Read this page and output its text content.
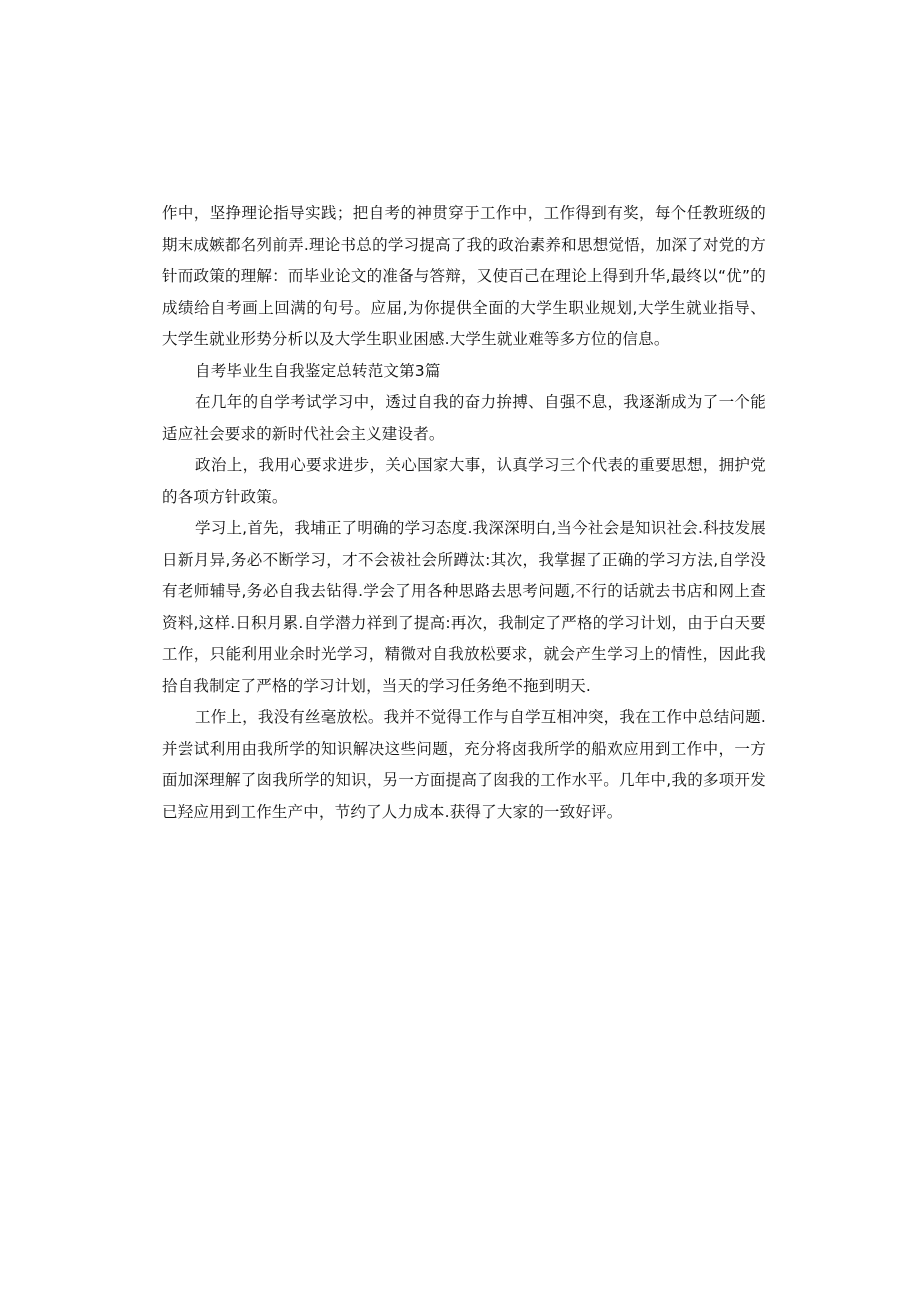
作中，坚挣理论指导实践；把自考的神贯穿于工作中，工作得到有奖，每个任教班级的期末成嫉都名列前弄.理论书总的学习提高了我的政治素养和思想觉悟，加深了对党的方针而政策的理解：而毕业论文的准备与答辩，又使百己在理论上得到升华,最终以“优”的成绩给自考画上回满的句号。应届,为你提供全面的大学生职业规划,大学生就业指导、大学生就业形势分析以及大学生职业困感.大学生就业难等多方位的信息。

自考毕业生自我鉴定总转范文第3篇

在几年的自学考试学习中，透过自我的奋力拚搏、自强不息，我逐渐成为了一个能适应社会要求的新时代社会主义建设者。

政治上，我用心要求进步，关心国家大事，认真学习三个代表的重要思想，拥护党的各项方针政策。

学习上,首先，我埔正了明确的学习态度.我深深明白,当今社会是知识社会.科技发展日新月异,务必不断学习，才不会祓社会所蹲汰:其次，我掌握了正确的学习方法,自学没有老师辅导,务必自我去钻得.学会了用各种思路去思考问题,不行的话就去书店和网上查资料,这样.日积月累.自学潜力祥到了提高:再次，我制定了严格的学习计划，由于白天要工作，只能利用业余时光学习，精微对自我放松要求，就会产生学习上的情性，因此我拾自我制定了严格的学习计划，当天的学习任务绝不拖到明天.

工作上，我没有丝毫放松。我并不觉得工作与自学互相冲突，我在工作中总结问题.并尝试利用由我所学的知识解决这些问题，充分将卤我所学的船欢应用到工作中，一方面加深理解了囱我所学的知识，另一方面提高了囱我的工作水平。几年中,我的多项开发已羟应用到工作生产中，节约了人力成本.获得了大家的一致好评。
